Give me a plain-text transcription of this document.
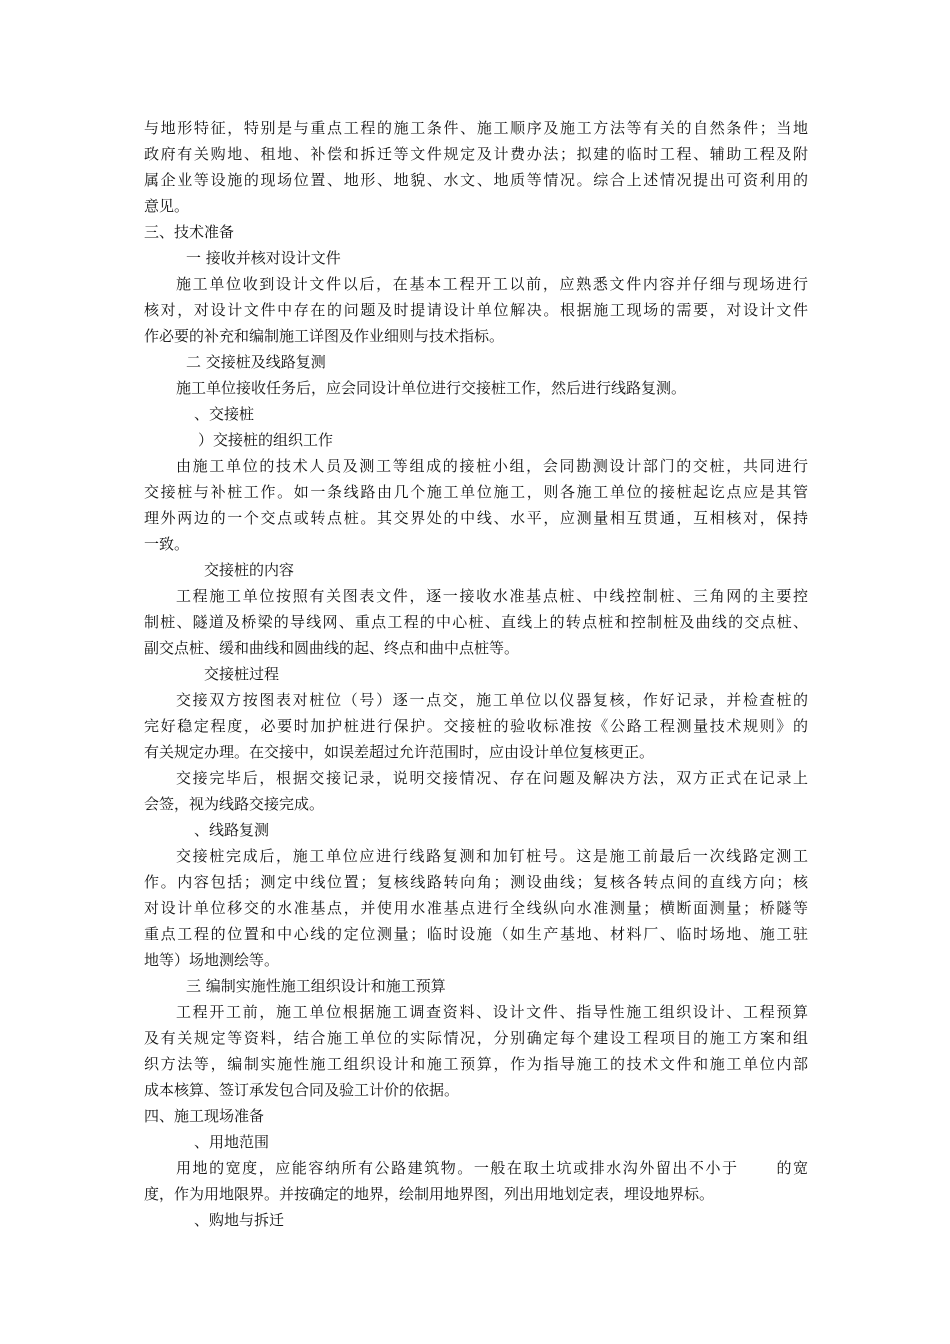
与地形特征，特别是与重点工程的施工条件、施工顺序及施工方法等有关的自然条件；当地
政府有关购地、租地、补偿和拆迁等文件规定及计费办法；拟建的临时工程、辅助工程及附
属企业等设施的现场位置、地形、地貌、水文、地质等情况。综合上述情况提出可资利用的
意见。
三、技术准备
一 接收并核对设计文件
施工单位收到设计文件以后，在基本工程开工以前，应熟悉文件内容并仔细与现场进行
核对，对设计文件中存在的问题及时提请设计单位解决。根据施工现场的需要，对设计文件
作必要的补充和编制施工详图及作业细则与技术指标。
二 交接桩及线路复测
施工单位接收任务后，应会同设计单位进行交接桩工作，然后进行线路复测。
、交接桩
）交接桩的组织工作
由施工单位的技术人员及测工等组成的接桩小组，会同勘测设计部门的交桩，共同进行
交接桩与补桩工作。如一条线路由几个施工单位施工，则各施工单位的接桩起讫点应是其管
理外两边的一个交点或转点桩。其交界处的中线、水平，应测量相互贯通，互相核对，保持
一致。
交接桩的内容
工程施工单位按照有关图表文件，逐一接收水准基点桩、中线控制桩、三角网的主要控
制桩、隧道及桥梁的导线网、重点工程的中心桩、直线上的转点桩和控制桩及曲线的交点桩、
副交点桩、缓和曲线和圆曲线的起、终点和曲中点桩等。
交接桩过程
交接双方按图表对桩位（号）逐一点交，施工单位以仪器复核，作好记录，并检查桩的
完好稳定程度，必要时加护桩进行保护。交接桩的验收标准按《公路工程测量技术规则》的
有关规定办理。在交接中，如误差超过允许范围时，应由设计单位复核更正。
交接完毕后，根据交接记录，说明交接情况、存在问题及解决方法，双方正式在记录上
会签，视为线路交接完成。
、线路复测
交接桩完成后，施工单位应进行线路复测和加钉桩号。这是施工前最后一次线路定测工
作。内容包括；测定中线位置；复核线路转向角；测设曲线；复核各转点间的直线方向；核
对设计单位移交的水准基点，并使用水准基点进行全线纵向水准测量；横断面测量；桥隧等
重点工程的位置和中心线的定位测量；临时设施（如生产基地、材料厂、临时场地、施工驻
地等）场地测绘等。
三 编制实施性施工组织设计和施工预算
工程开工前，施工单位根据施工调查资料、设计文件、指导性施工组织设计、工程预算
及有关规定等资料，结合施工单位的实际情况，分别确定每个建设工程项目的施工方案和组
织方法等，编制实施性施工组织设计和施工预算，作为指导施工的技术文件和施工单位内部
成本核算、签订承发包合同及验工计价的依据。
四、施工现场准备
、用地范围
用地的宽度，应能容纳所有公路建筑物。一般在取土坑或排水沟外留出不小于      的宽
度，作为用地限界。并按确定的地界，绘制用地界图，列出用地划定表，埋设地界标。
、购地与拆迁
